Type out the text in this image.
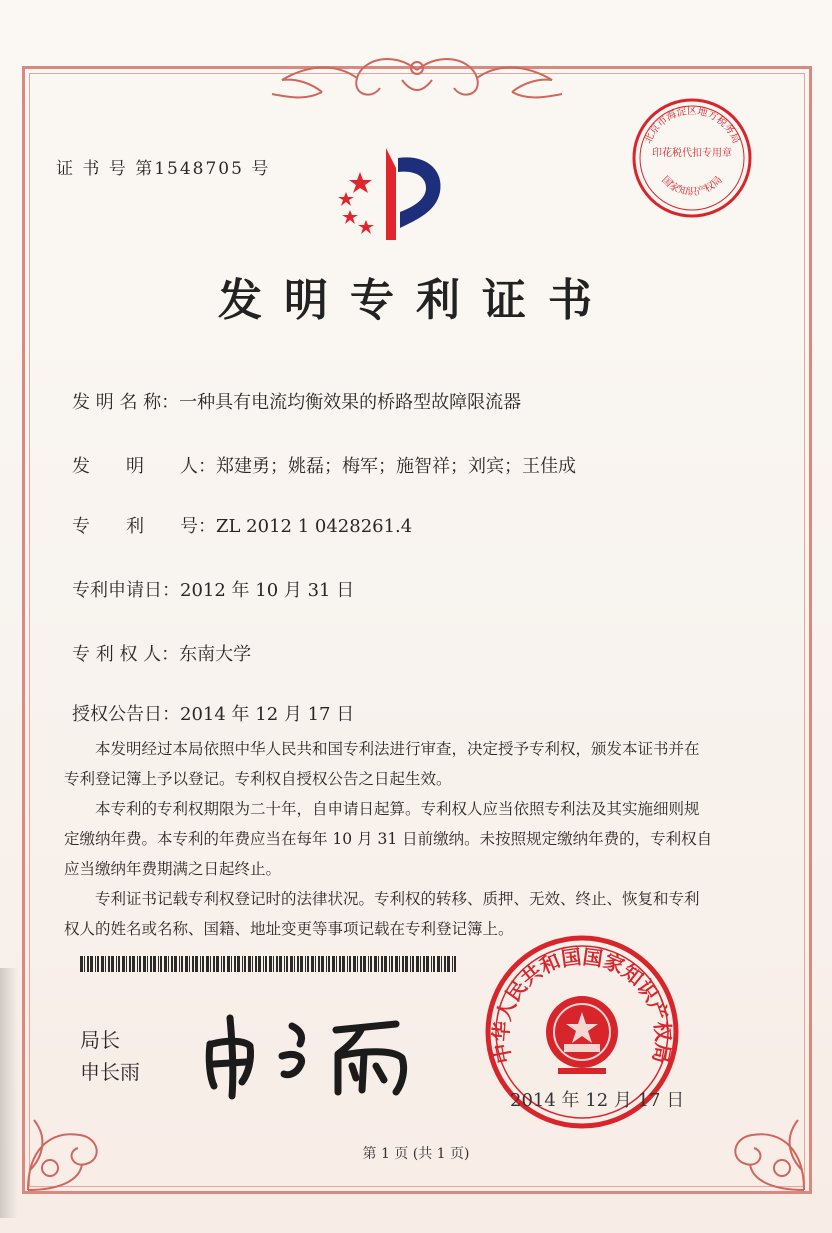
证 书 号 第1548705 号
北京市海淀区地方税务局
印花税代扣专用章
国家知识产权局
发明专利证书
发 明 名 称：一种具有电流均衡效果的桥路型故障限流器
发　　明　　人：郑建勇；姚磊；梅军；施智祥；刘宾；王佳成
专　　利　　号：ZL 2012 1 0428261.4
专利申请日：2012 年 10 月 31 日
专 利 权 人：东南大学
授权公告日：2014 年 12 月 17 日

本发明经过本局依照中华人民共和国专利法进行审查，决定授予专利权，颁发本证书并在专利登记簿上予以登记。专利权自授权公告之日起生效。

本专利的专利权期限为二十年，自申请日起算。专利权人应当依照专利法及其实施细则规定缴纳年费。本专利的年费应当在每年 10 月 31 日前缴纳。未按照规定缴纳年费的，专利权自应当缴纳年费期满之日起终止。

专利证书记载专利权登记时的法律状况。专利权的转移、质押、无效、终止、恢复和专利权人的姓名或名称、国籍、地址变更等事项记载在专利登记簿上。

局长
申长雨
中华人民共和国国家知识产权局
2014 年 12 月 17 日
第 1 页 (共 1 页)
